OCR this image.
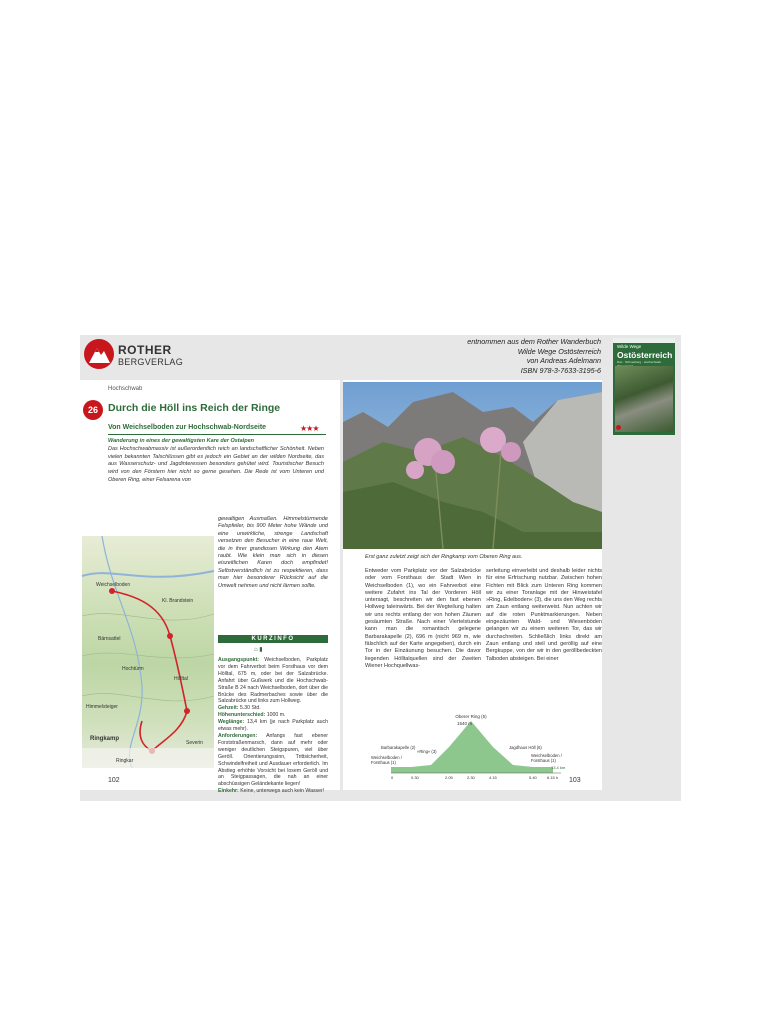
ROTHER
BERGVERLAG
entnommen aus dem Rother Wanderbuch
Wilde Wege Ostösterreich
von Andreas Adelmann
ISBN 978-3-7633-3195-6
Wilde Wege
Ostösterreich
Rax · Schneeberg · Hochschwab ·
Hochschwab
26 Durch die Höll ins Reich der Ringe
Von Weichselboden zur Hochschwab-Nordseite	★★★
Wanderung in eines der gewaltigsten Kare der Ostalpen
Das Hochschwabmassiv ist außerordentlich reich an landschaftlicher Schönheit. Neben vielen bekannten Talschlüssen gibt es jedoch ein Gebiet an der wilden Nordseite, das aus Wasserschutz- und Jagdinteressen besonders gehütet wird. Touristischer Besuch wird von den Förstern hier nicht so gerne gesehen. Die Rede ist vom Unteren und Oberen Ring, einer Felsarena von
Weichselboden
Kl. Brandstein
Ringkamp
Hochtürm
Hölltal
Bärnsattel
Ringkar
Severin
Himmelsteiger
gewaltigen Ausmaßen. Himmelstürmende Felspfeiler, bis 900 Meter hohe Wände und eine unwirkliche, strenge Landschaft versetzen den Besucher in eine raue Welt, die in ihrer grandiosen Wirkung den Atem raubt. Wie klein man sich in diesen eiszeitlichen Karen doch empfindet! Selbstverständlich ist zu respektieren, dass man hier besonderer Rücksicht auf die Umwelt nehmen und nicht lärmen sollte.
KURZINFO
⌂ ▮
Ausgangspunkt: Weichselboden, Parkplatz vor dem Fahrverbot beim Forsthaus vor dem Hölltal, 675 m, oder bei der Salzabrücke. Anfahrt über Gußwerk und die Hochschwab-Straße B 24 nach Weichselboden, dort über die Brücke des Radmerbaches sowie über die Salzabrücke und links zum Hollweg.
Gehzeit: 5.30 Std.
Höhenunterschied: 1000 m.
Weglänge: 13,4 km (je nach Parkplatz auch etwas mehr).
Anforderungen: Anfangs fast ebener Forststraßenmarsch, dann auf mehr oder weniger deutlichen Steigspuren, viel über Geröll. Orientierungssinn, Trittsicherheit, Schwindelfreiheit und Ausdauer erforderlich. Im Abstieg erhöhte Vorsicht bei losem Geröll und an Steigpassagen, die nah an einer abschüssigen Geländekante liegen!
Einkehr: Keine, unterwegs auch kein Wasser!
102
Erst ganz zuletzt zeigt sich der Ringkamp vom Oberen Ring aus.
Entweder vom Parkplatz vor der Salzabrücke oder vom Forsthaus der Stadt Wien in Weichselboden (1), wo ein Fahrverbot eine weitere Zufahrt ins Tal der Vorderen Höll untersagt, beschreiten wir den fast ebenen Hollweg taleinwärts. Bei der Wegteilung halten wir uns rechts entlang der von hohen Zäunen gesäumten Straße. Nach einer Viertelstunde kann man die romantisch gelegene Barbarakapelle (2), 696 m (nicht 969 m, wie fälschlich auf der Karte angegeben), durch ein Tor in der Einzäunung besuchen. Die davor liegenden Hölltalquellen sind der Zweiten Wiener Hochquellwas-
serleitung einverleibt und deshalb leider nichts für eine Erfrischung nutzbar. Zwischen hohen Fichten mit Blick zum Unteren Ring kommen wir zu einer Toranlage mit der Hinweistafel »Ring, Edelboden« (3), die uns den Weg rechts am Zaun entlang weiterweist. Nun achten wir auf die roten Punktmarkierungen. Neben eingezäunten Wald- und Wiesenböden gelangen wir zu einem weiteren Tor, das wir durchschreiten. Schließlich links direkt am Zaun entlang und steil und geröllig auf eine Bergkuppe, von der wir in den geröllbedeckten Talboden absteigen. Bei einer
Oberer Ring (5)
1540 m
Weichselboden / Forsthaus (1)
Barbarakapelle (2)
»Ring« (3)
Jagdhaus Höll (6)
Weichselboden / Forsthaus (1)
0	0.30	2.05	2.30	4.15	5.40	6.15 h
13.4 km
103
